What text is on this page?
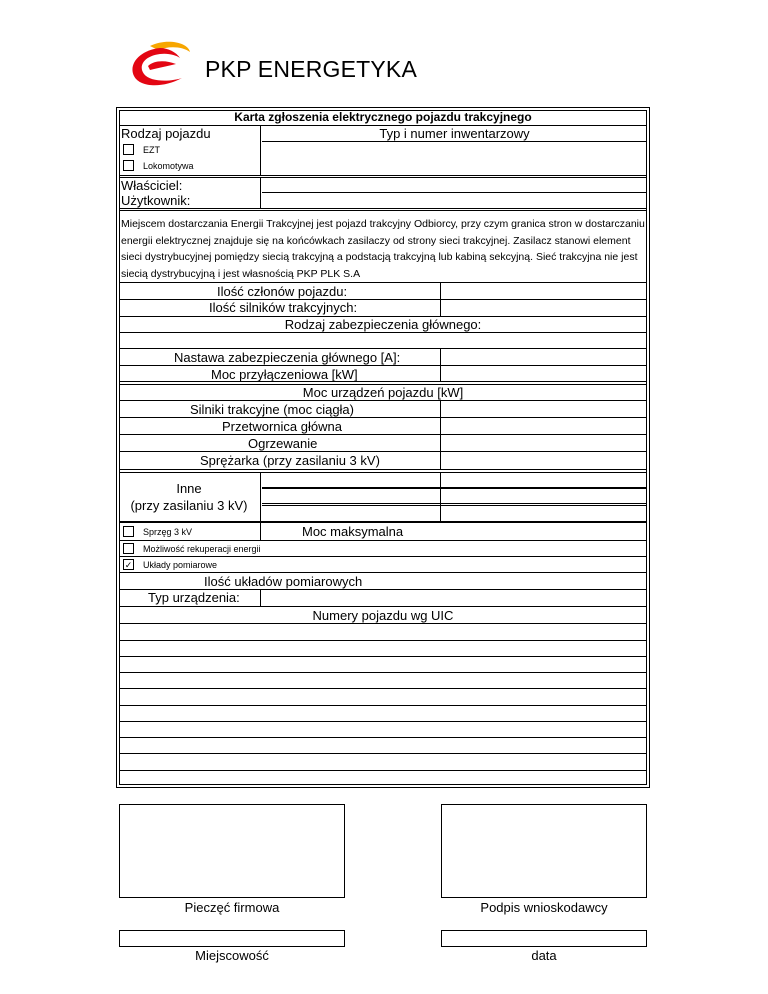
PKP ENERGETYKA
Karta zgłoszenia elektrycznego pojazdu trakcyjnego
Rodzaj pojazdu	Typ i numer inwentarzowy
EZT
Lokomotywa
Właściciel:
Użytkownik:
Miejscem dostarczania Energii Trakcyjnej jest pojazd trakcyjny Odbiorcy, przy czym granica stron w dostarczaniu energii elektrycznej znajduje się na końcówkach zasilaczy od strony sieci trakcyjnej. Zasilacz stanowi element sieci dystrybucyjnej pomiędzy siecią trakcyjną a podstacją trakcyjną lub kabiną sekcyjną. Sieć trakcyjna nie jest siecią dystrybucyjną i jest własnością PKP PLK S.A
Ilość członów pojazdu:
Ilość silników trakcyjnych:
Rodzaj zabezpieczenia głównego:
Nastawa zabezpieczenia głównego [A]:
Moc przyłączeniowa [kW]
Moc urządzeń pojazdu [kW]
Silniki trakcyjne (moc ciągła)
Przetwornica główna
Ogrzewanie
Sprężarka (przy zasilaniu 3 kV)
Inne
(przy zasilaniu 3 kV)
Sprzęg 3 kV	Moc maksymalna
Możliwość rekuperacji energii
✓ Układy pomiarowe
Ilość układów pomiarowych
Typ urządzenia:
Numery pojazdu wg UIC
Pieczęć firmowa	Podpis wnioskodawcy
Miejscowość	data
